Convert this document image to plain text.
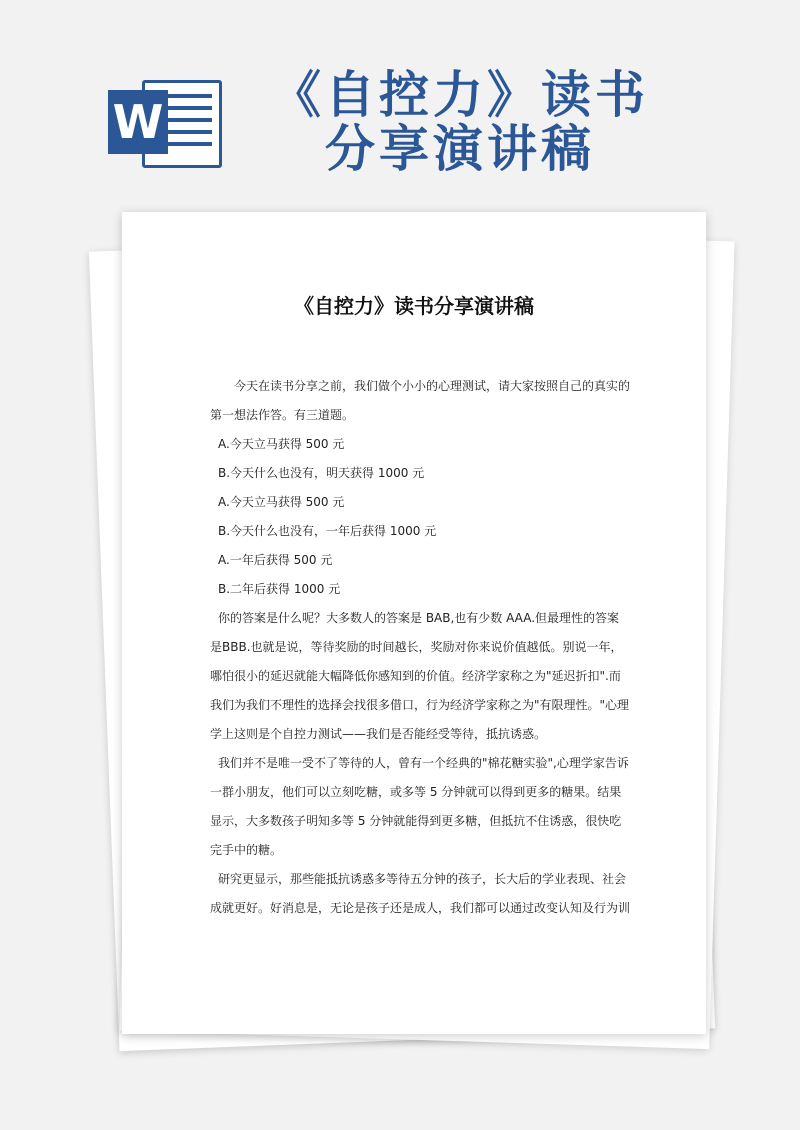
W	《自控力》读书
分享演讲稿
《自控力》读书分享演讲稿

今天在读书分享之前，我们做个小小的心理测试，请大家按照自己的真实的第一想法作答。有三道题。

A.今天立马获得 500 元

B.今天什么也没有，明天获得 1000 元

A.今天立马获得 500 元

B.今天什么也没有，一年后获得 1000 元

A.一年后获得 500 元

B.二年后获得 1000 元

你的答案是什么呢？大多数人的答案是 BAB,也有少数 AAA.但最理性的答案是BBB.也就是说，等待奖励的时间越长，奖励对你来说价值越低。别说一年，哪怕很小的延迟就能大幅降低你感知到的价值。经济学家称之为"延迟折扣".而我们为我们不理性的选择会找很多借口，行为经济学家称之为"有限理性。"心理学上这则是个自控力测试——我们是否能经受等待，抵抗诱惑。

我们并不是唯一受不了等待的人，曾有一个经典的"棉花糖实验",心理学家告诉一群小朋友，他们可以立刻吃糖，或多等 5 分钟就可以得到更多的糖果。结果显示，大多数孩子明知多等 5 分钟就能得到更多糖，但抵抗不住诱惑，很快吃完手中的糖。

研究更显示，那些能抵抗诱惑多等待五分钟的孩子，长大后的学业表现、社会成就更好。好消息是，无论是孩子还是成人，我们都可以通过改变认知及行为训
